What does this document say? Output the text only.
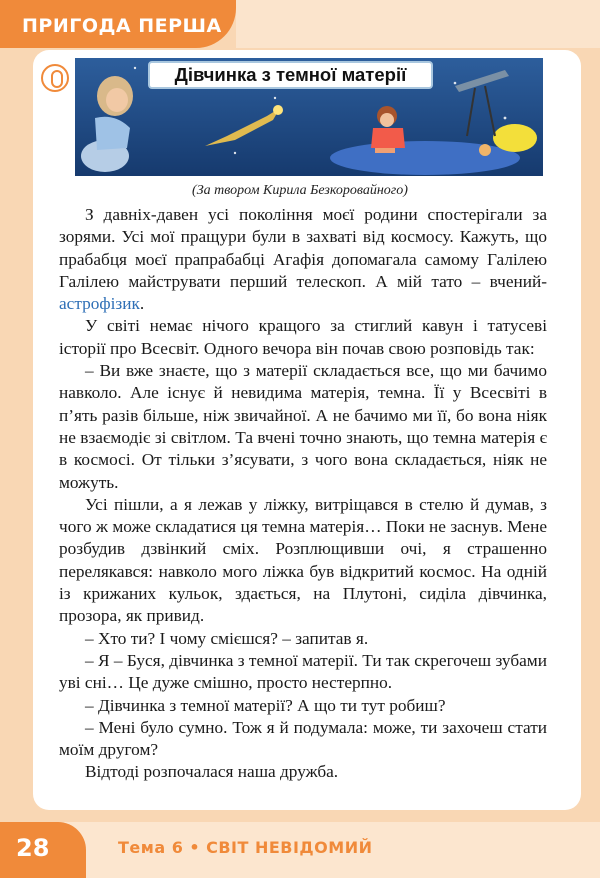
ПРИГОДА ПЕРША
Дівчинка з темної матерії
(За твором Кирила Безкоровайного)

З давніх-давен усі покоління моєї родини спостерігали за зорями. Усі мої пращури були в захваті від космосу. Кажуть, що прабабця моєї прапрабабці Агафія допомагала самому Галілею Галілею майструвати перший телескоп. А мій тато – вчений-астрофізик.

У світі немає нічого кращого за стиглий кавун і татусеві історії про Всесвіт. Одного вечора він почав свою розповідь так:

– Ви вже знаєте, що з матерії складається все, що ми бачимо навколо. Але існує й невидима матерія, темна. Її у Всесвіті в п’ять разів більше, ніж звичайної. А не бачимо ми її, бо вона ніяк не взаємодіє зі світлом. Та вчені точно знають, що темна матерія є в космосі. От тільки з’ясувати, з чого вона складається, ніяк не можуть.

Усі пішли, а я лежав у ліжку, витріщався в стелю й думав, з чого ж може складатися ця темна матерія… Поки не заснув. Мене розбудив дзвінкий сміх. Розплющивши очі, я страшенно перелякався: навколо мого ліжка був відкритий космос. На одній із крижаних кульок, здається, на Плутоні, сиділа дівчинка, прозора, як привид.

– Хто ти? І чому смієшся? – запитав я.

– Я – Буся, дівчинка з темної матерії. Ти так скрегочеш зубами уві сні… Це дуже смішно, просто нестерпно.

– Дівчинка з темної матерії? А що ти тут робиш?

– Мені було сумно. Тож я й подумала: може, ти захочеш стати моїм другом?

Відтоді розпочалася наша дружба.

28	Тема 6 • СВІТ НЕВІДОМИЙ
